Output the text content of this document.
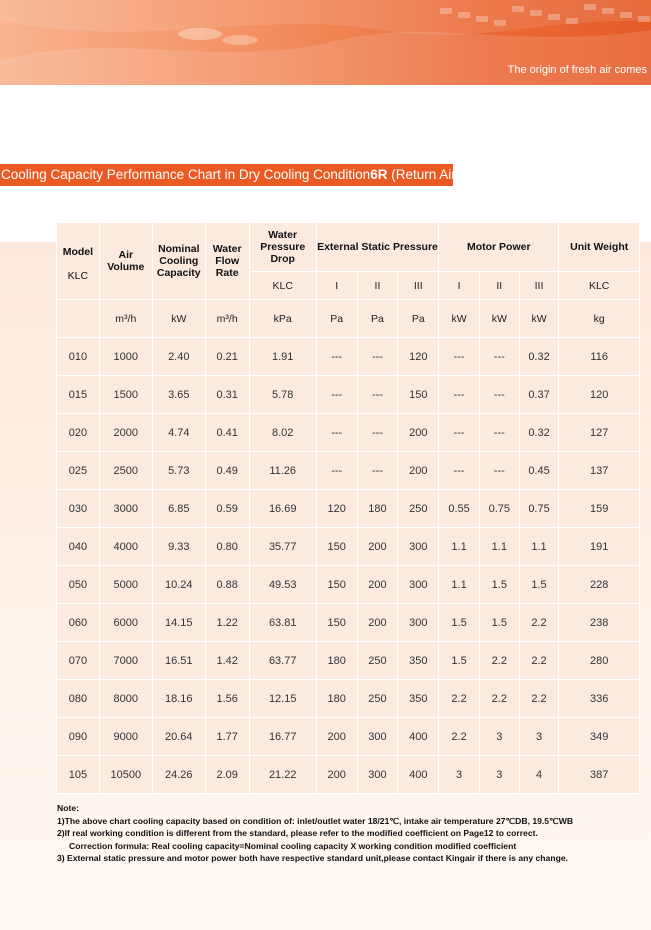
The origin of fresh air comes
Cooling Capacity Performance Chart in Dry Cooling Condition6R (Return Air)
Model
KLC	Air Volume	Nominal Cooling Capacity	Water Flow Rate	Water Pressure Drop	External Static Pressure			Motor Power			Unit Weight
				KLC	I	II	III	I	II	III	KLC
	m³/h	kW	m³/h	kPa	Pa	Pa	Pa	kW	kW	kW	kg
010	1000	2.40	0.21	1.91	---	---	120	---	---	0.32	116
015	1500	3.65	0.31	5.78	---	---	150	---	---	0.37	120
020	2000	4.74	0.41	8.02	---	---	200	---	---	0.32	127
025	2500	5.73	0.49	11.26	---	---	200	---	---	0.45	137
030	3000	6.85	0.59	16.69	120	180	250	0.55	0.75	0.75	159
040	4000	9.33	0.80	35.77	150	200	300	1.1	1.1	1.1	191
050	5000	10.24	0.88	49.53	150	200	300	1.1	1.5	1.5	228
060	6000	14.15	1.22	63.81	150	200	300	1.5	1.5	2.2	238
070	7000	16.51	1.42	63.77	180	250	350	1.5	2.2	2.2	280
080	8000	18.16	1.56	12.15	180	250	350	2.2	2.2	2.2	336
090	9000	20.64	1.77	16.77	200	300	400	2.2	3	3	349
105	10500	24.26	2.09	21.22	200	300	400	3	3	4	387
Note:
1)The above chart cooling capacity based on condition of: inlet/outlet water 18/21℃, intake air temperature 27℃DB, 19.5℃WB
2)If real working condition is different from the standard, please refer to the modified coefficient on Page12 to correct.
Correction formula: Real cooling capacity=Nominal cooling capacity X working condition modified coefficient
3) External static pressure and motor power both have respective standard unit,please contact Kingair if there is any change.
